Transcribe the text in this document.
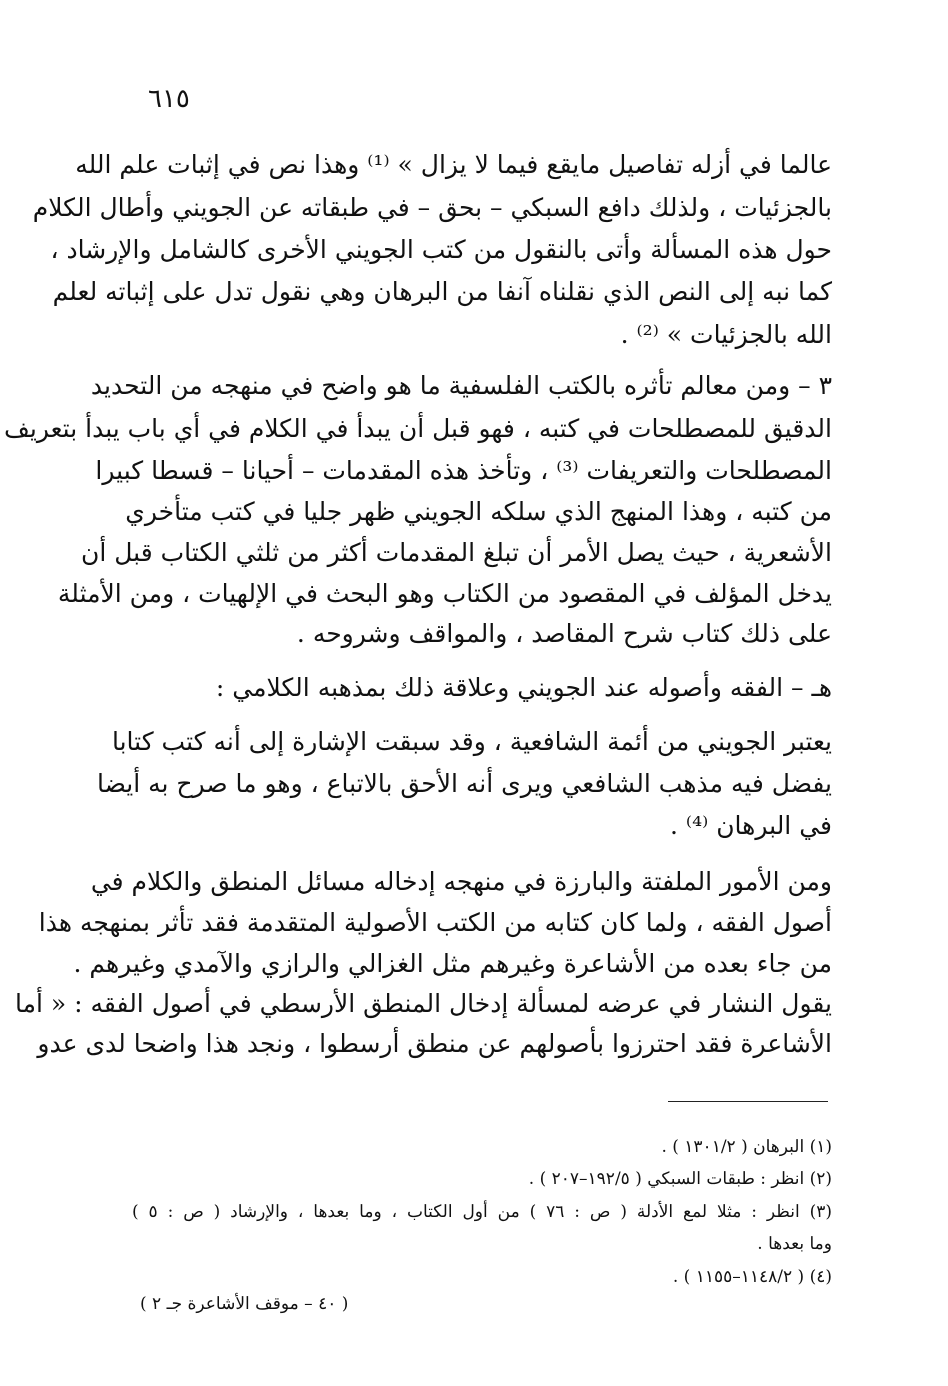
٦١٥
عالما في أزله تفاصيل مايقع فيما لا يزال » ⁽¹⁾ وهذا نص في إثبات علم الله
بالجزئيات ، ولذلك دافع السبكي – بحق – في طبقاته عن الجويني وأطال الكلام
حول هذه المسألة وأتى بالنقول من كتب الجويني الأخرى كالشامل والإرشاد ،
كما نبه إلى النص الذي نقلناه آنفا من البرهان وهي نقول تدل على إثباته لعلم
الله بالجزئيات » ⁽²⁾ .
٣ – ومن معالم تأثره بالكتب الفلسفية ما هو واضح في منهجه من التحديد
الدقيق للمصطلحات في كتبه ، فهو قبل أن يبدأ في الكلام في أي باب يبدأ بتعريف
المصطلحات والتعريفات ⁽³⁾ ، وتأخذ هذه المقدمات – أحيانا – قسطا كبيرا
من كتبه ، وهذا المنهج الذي سلكه الجويني ظهر جليا في كتب متأخري
الأشعرية ، حيث يصل الأمر أن تبلغ المقدمات أكثر من ثلثي الكتاب قبل أن
يدخل المؤلف في المقصود من الكتاب وهو البحث في الإلهيات ، ومن الأمثلة
على ذلك كتاب شرح المقاصد ، والمواقف وشروحه .
هـ – الفقه وأصوله عند الجويني وعلاقة ذلك بمذهبه الكلامي :
يعتبر الجويني من أئمة الشافعية ، وقد سبقت الإشارة إلى أنه كتب كتابا
يفضل فيه مذهب الشافعي ويرى أنه الأحق بالاتباع ، وهو ما صرح به أيضا
في البرهان ⁽⁴⁾ .
ومن الأمور الملفتة والبارزة في منهجه إدخاله مسائل المنطق والكلام في
أصول الفقه ، ولما كان كتابه من الكتب الأصولية المتقدمة فقد تأثر بمنهجه هذا
من جاء بعده من الأشاعرة وغيرهم مثل الغزالي والرازي والآمدي وغيرهم .
يقول النشار في عرضه لمسألة إدخال المنطق الأرسطي في أصول الفقه : « أما
الأشاعرة فقد احترزوا بأصولهم عن منطق أرسطوا ، ونجد هذا واضحا لدى عدو
(١) البرهان ( ١٣٠١/٢ ) .
(٢) انظر : طبقات السبكي ( ١٩٢/٥–٢٠٧ ) .
(٣) انظر : مثلا لمع الأدلة ( ص : ٧٦ ) من أول الكتاب ، وما بعدها ، والإرشاد ( ص : ٥ )
وما بعدها .
(٤) ( ١١٤٨/٢–١١٥٥ ) .
( ٤٠ – موقف الأشاعرة جـ ٢ )
